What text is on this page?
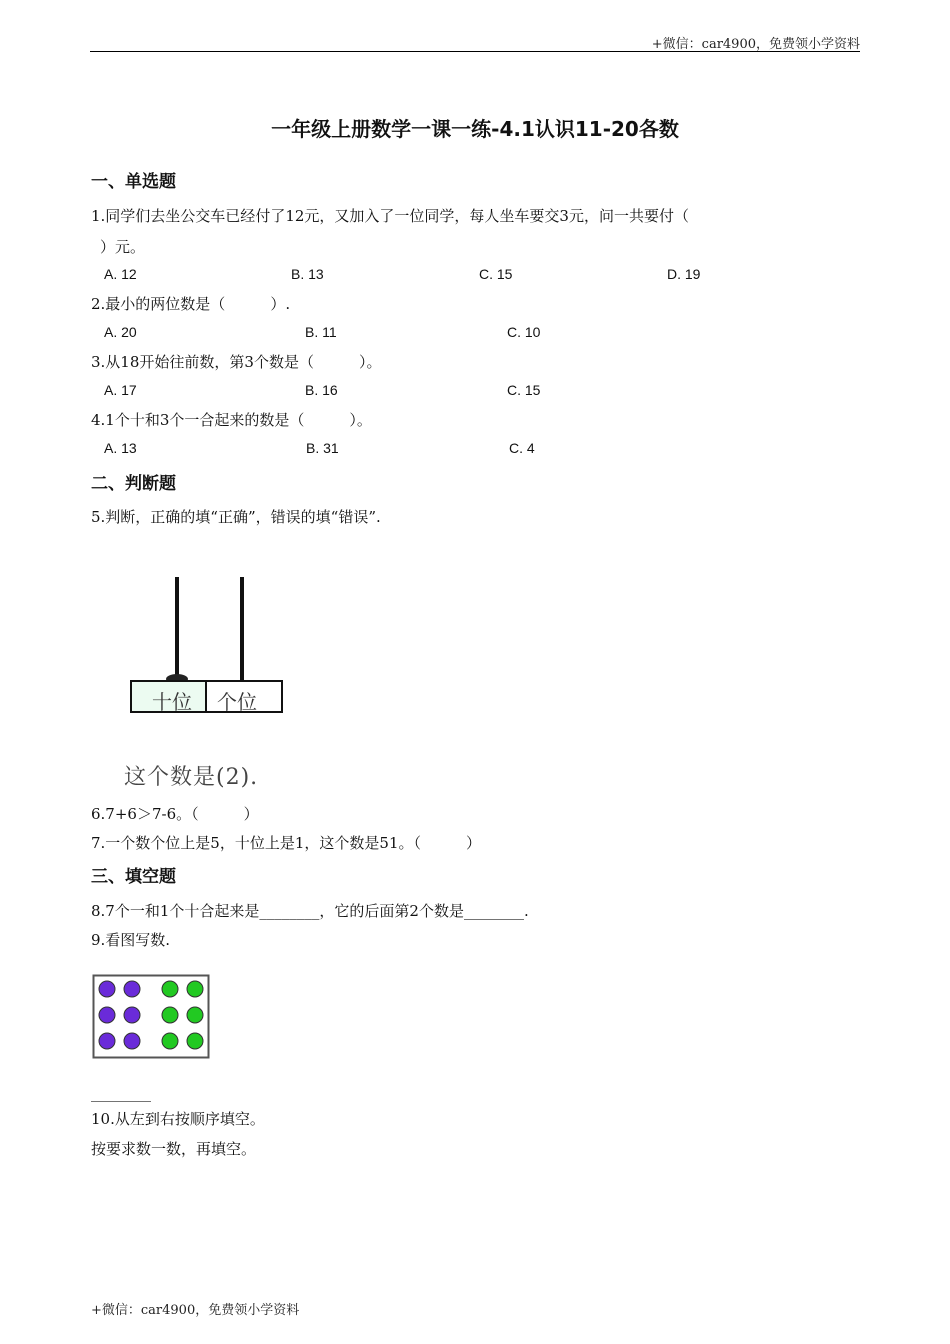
+微信：car4900，免费领小学资料
一年级上册数学一课一练-4.1认识11-20各数
一、单选题
1.同学们去坐公交车已经付了12元，又加入了一位同学，每人坐车要交3元，问一共要付（
）元。
A. 12	B. 13	C. 15	D. 19
2.最小的两位数是（　　　）.
A. 20	B. 11	C. 10
3.从18开始往前数，第3个数是（　　　）。
A. 17	B. 16	C. 15
4.1个十和3个一合起来的数是（　　　）。
A. 13	B. 31	C. 4
二、判断题
5.判断，正确的填“正确”，错误的填“错误”.
十位 个位
这个数是(2).
6.7+6＞7-6。（　　　）
7.一个数个位上是5，十位上是1，这个数是51。（　　　）
三、填空题
8.7个一和1个十合起来是________，它的后面第2个数是________.
9.看图写数.
________
10.从左到右按顺序填空。
按要求数一数，再填空。
+微信：car4900，免费领小学资料
